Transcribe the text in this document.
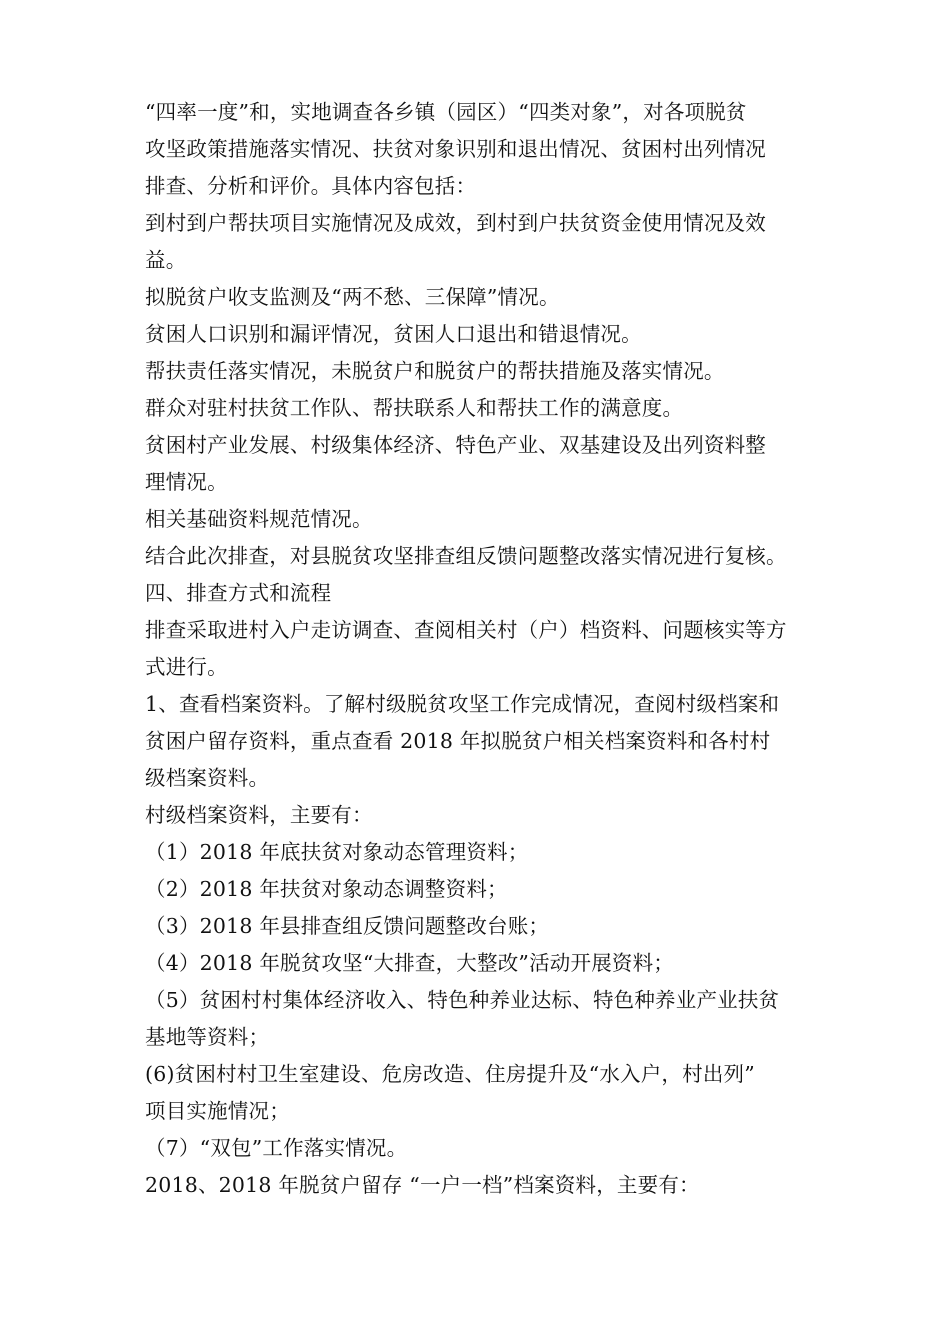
“四率一度”和，实地调查各乡镇（园区）“四类对象”，对各项脱贫
攻坚政策措施落实情况、扶贫对象识别和退出情况、贫困村出列情况
排查、分析和评价。具体内容包括：
到村到户帮扶项目实施情况及成效，到村到户扶贫资金使用情况及效
益。
拟脱贫户收支监测及“两不愁、三保障”情况。
贫困人口识别和漏评情况，贫困人口退出和错退情况。
帮扶责任落实情况，未脱贫户和脱贫户的帮扶措施及落实情况。
群众对驻村扶贫工作队、帮扶联系人和帮扶工作的满意度。
贫困村产业发展、村级集体经济、特色产业、双基建设及出列资料整
理情况。
相关基础资料规范情况。
结合此次排查，对县脱贫攻坚排查组反馈问题整改落实情况进行复核。
四、排查方式和流程
排查采取进村入户走访调查、查阅相关村（户）档资料、问题核实等方
式进行。
1、查看档案资料。了解村级脱贫攻坚工作完成情况，查阅村级档案和
贫困户留存资料，重点查看 2018 年拟脱贫户相关档案资料和各村村
级档案资料。
村级档案资料，主要有：
（1）2018 年底扶贫对象动态管理资料；
（2）2018 年扶贫对象动态调整资料；
（3）2018 年县排查组反馈问题整改台账；
（4）2018 年脱贫攻坚“大排查，大整改”活动开展资料；
（5）贫困村村集体经济收入、特色种养业达标、特色种养业产业扶贫
基地等资料；
(6)贫困村村卫生室建设、危房改造、住房提升及“水入户，村出列”
项目实施情况；
（7）“双包”工作落实情况。
2018、2018 年脱贫户留存 “一户一档”档案资料，主要有：
